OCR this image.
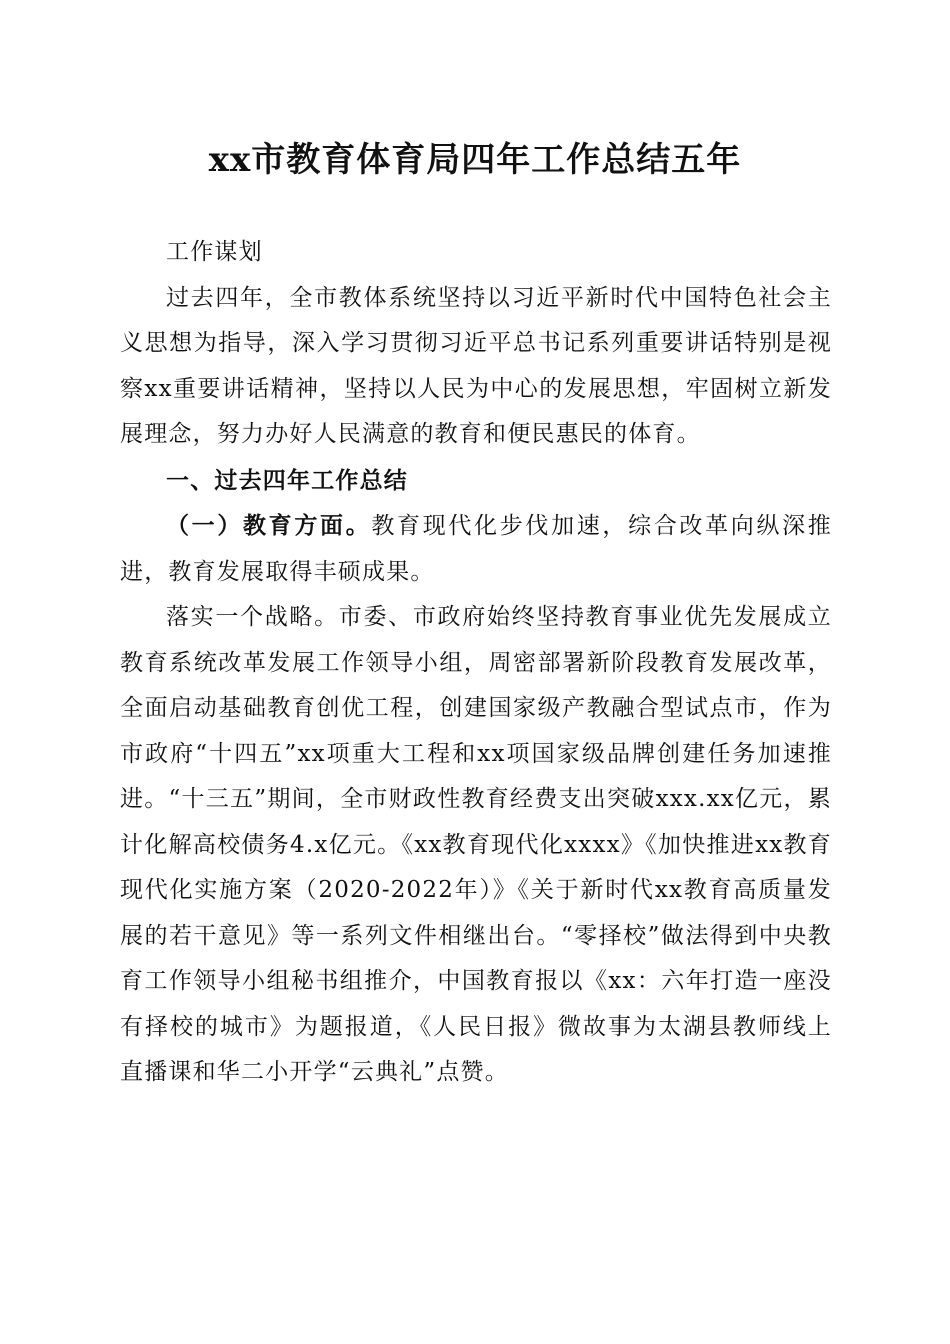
xx市教育体育局四年工作总结五年

工作谋划

过去四年，全市教体系统坚持以习近平新时代中国特色社会主义思想为指导，深入学习贯彻习近平总书记系列重要讲话特别是视察xx重要讲话精神，坚持以人民为中心的发展思想，牢固树立新发展理念，努力办好人民满意的教育和便民惠民的体育。

一、过去四年工作总结

（一）教育方面。教育现代化步伐加速，综合改革向纵深推进，教育发展取得丰硕成果。

落实一个战略。市委、市政府始终坚持教育事业优先发展成立教育系统改革发展工作领导小组，周密部署新阶段教育发展改革，全面启动基础教育创优工程，创建国家级产教融合型试点市，作为市政府“十四五”xx项重大工程和xx项国家级品牌创建任务加速推进。“十三五”期间，全市财政性教育经费支出突破xxx.xx亿元，累计化解高校债务4.x亿元。《xx教育现代化xxxx》《加快推进xx教育现代化实施方案（2020-2022年）》《关于新时代xx教育高质量发展的若干意见》等一系列文件相继出台。“零择校”做法得到中央教育工作领导小组秘书组推介，中国教育报以《xx：六年打造一座没有择校的城市》为题报道，《人民日报》微故事为太湖县教师线上直播课和华二小开学“云典礼”点赞。
